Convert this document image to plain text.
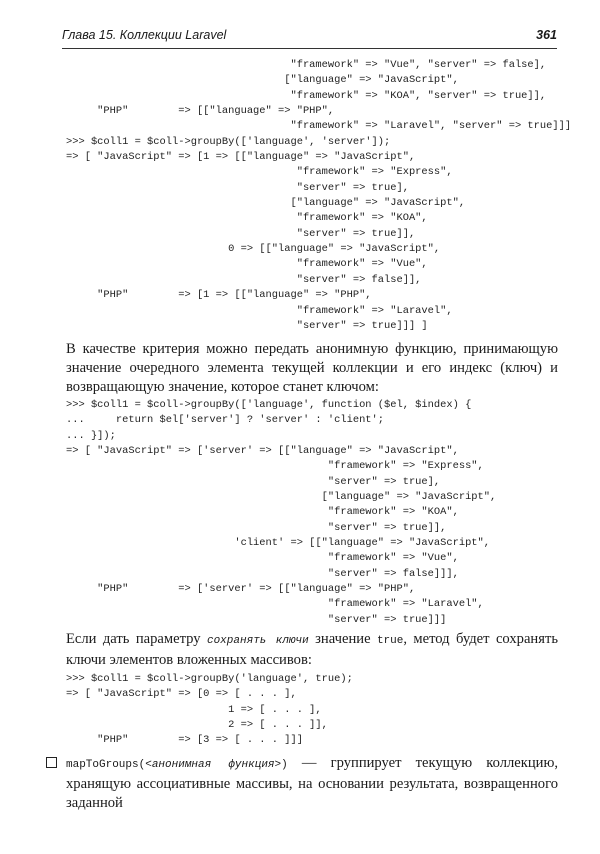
Глава 15. Коллекции Laravel	361
"framework" => "Vue", "server" => false],
["language" => "JavaScript",
"framework" => "KOA", "server" => true]],
"PHP"        => [["language" => "PHP",
"framework" => "Laravel", "server" => true]]]
>>> $coll1 = $coll->groupBy(['language', 'server']);
=> [ "JavaScript" => [1 => [["language" => "JavaScript",
"framework" => "Express",
"server" => true],
["language" => "JavaScript",
"framework" => "KOA",
"server" => true]],
0 => [["language" => "JavaScript",
"framework" => "Vue",
"server" => false]],
"PHP"        => [1 => [["language" => "PHP",
"framework" => "Laravel",
"server" => true]]] ]

В качестве критерия можно передать анонимную функцию, принимающую значение очередного элемента текущей коллекции и его индекс (ключ) и возвращающую значение, которое станет ключом:

>>> $coll1 = $coll->groupBy(['language', function ($el, $index) {
...     return $el['server'] ? 'server' : 'client';
... }]);
=> [ "JavaScript" => ['server' => [["language" => "JavaScript",
"framework" => "Express",
"server" => true],
["language" => "JavaScript",
"framework" => "KOA",
"server" => true]],
'client' => [["language" => "JavaScript",
"framework" => "Vue",
"server" => false]]],
"PHP"        => ['server' => [["language" => "PHP",
"framework" => "Laravel",
"server" => true]]]

Если дать параметру сохранять ключи значение true, метод будет сохранять ключи элементов вложенных массивов:

>>> $coll1 = $coll->groupBy('language', true);
=> [ "JavaScript" => [0 => [ . . . ],
1 => [ . . . ],
2 => [ . . . ]],
"PHP"        => [3 => [ . . . ]]]

mapToGroups(<анонимная функция>) — группирует текущую коллекцию, хранящую ассоциативные массивы, на основании результата, возвращенного заданной
